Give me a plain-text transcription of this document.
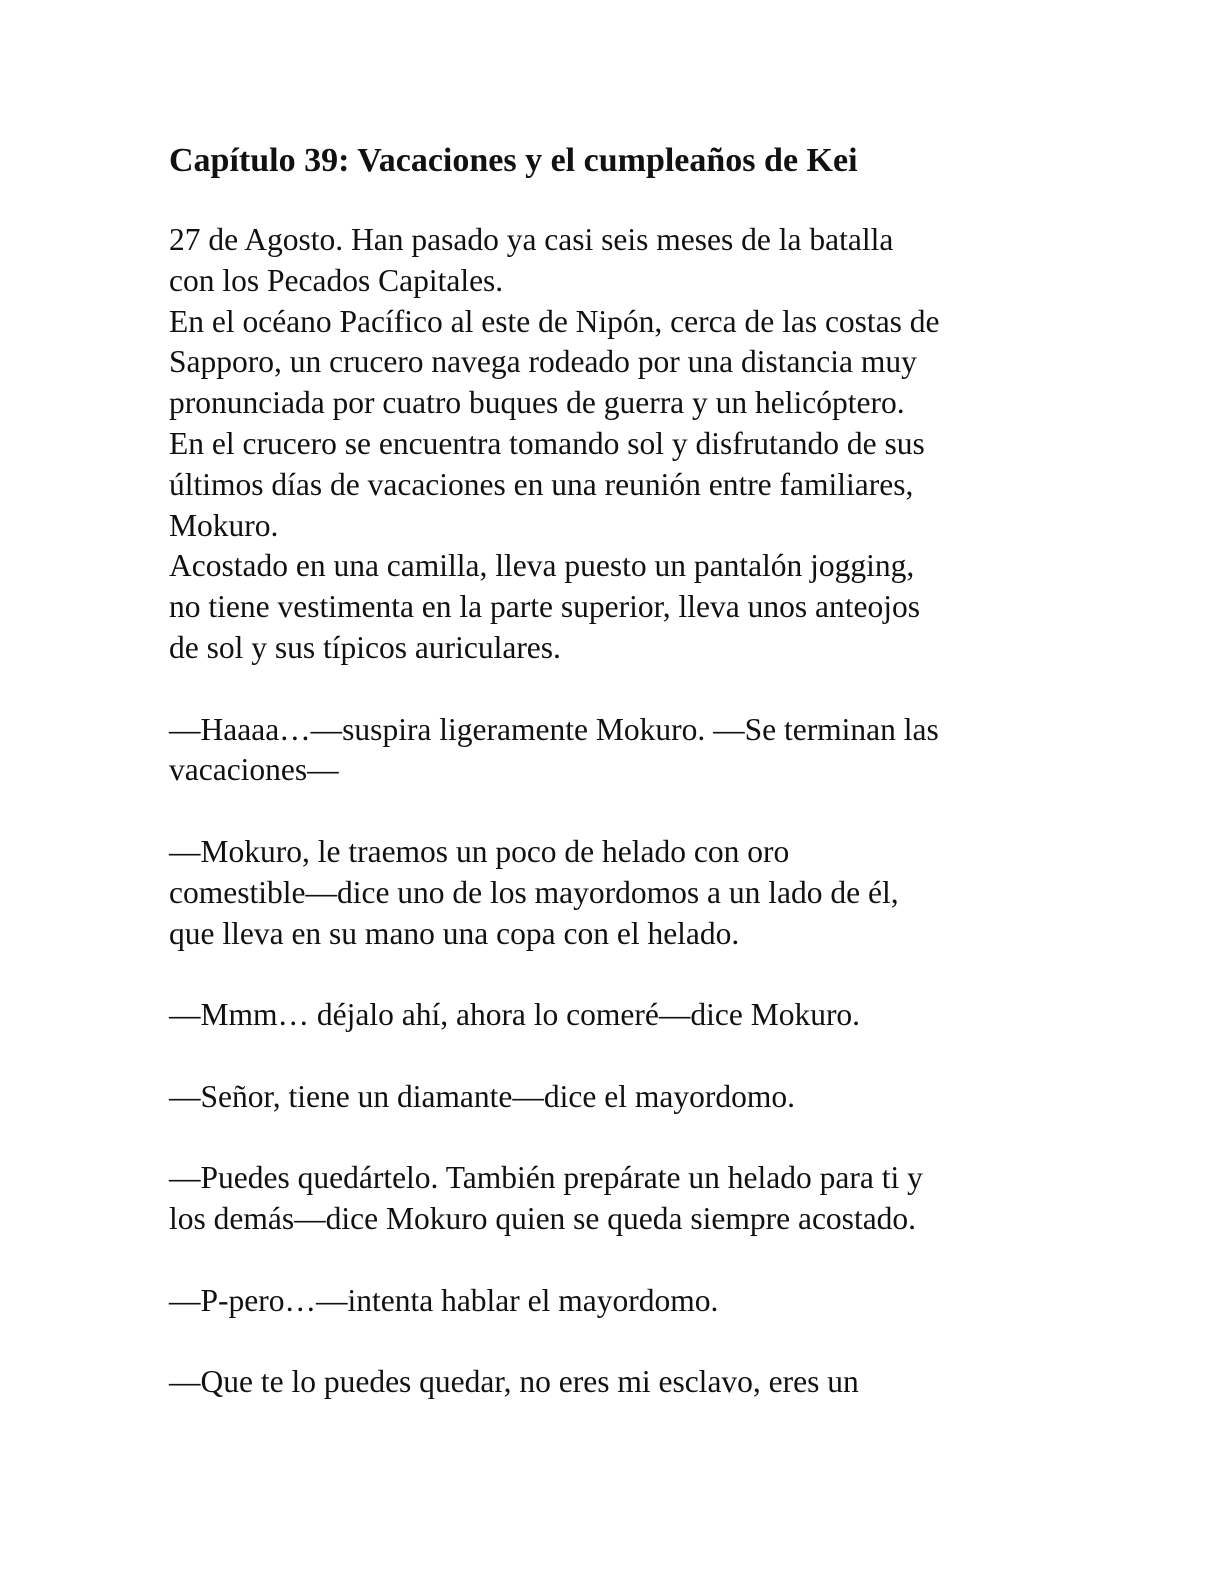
Capítulo 39: Vacaciones y el cumpleaños de Kei

27 de Agosto. Han pasado ya casi seis meses de la batalla
con los Pecados Capitales.
En el océano Pacífico al este de Nipón, cerca de las costas de
Sapporo, un crucero navega rodeado por una distancia muy
pronunciada por cuatro buques de guerra y un helicóptero.
En el crucero se encuentra tomando sol y disfrutando de sus
últimos días de vacaciones en una reunión entre familiares,
Mokuro.
Acostado en una camilla, lleva puesto un pantalón jogging,
no tiene vestimenta en la parte superior, lleva unos anteojos
de sol y sus típicos auriculares.

—Haaaa…—suspira ligeramente Mokuro. —Se terminan las
vacaciones—

—Mokuro, le traemos un poco de helado con oro
comestible—dice uno de los mayordomos a un lado de él,
que lleva en su mano una copa con el helado.

—Mmm… déjalo ahí, ahora lo comeré—dice Mokuro.

—Señor, tiene un diamante—dice el mayordomo.

—Puedes quedártelo. También prepárate un helado para ti y
los demás—dice Mokuro quien se queda siempre acostado.

—P-pero…—intenta hablar el mayordomo.

—Que te lo puedes quedar, no eres mi esclavo, eres un
